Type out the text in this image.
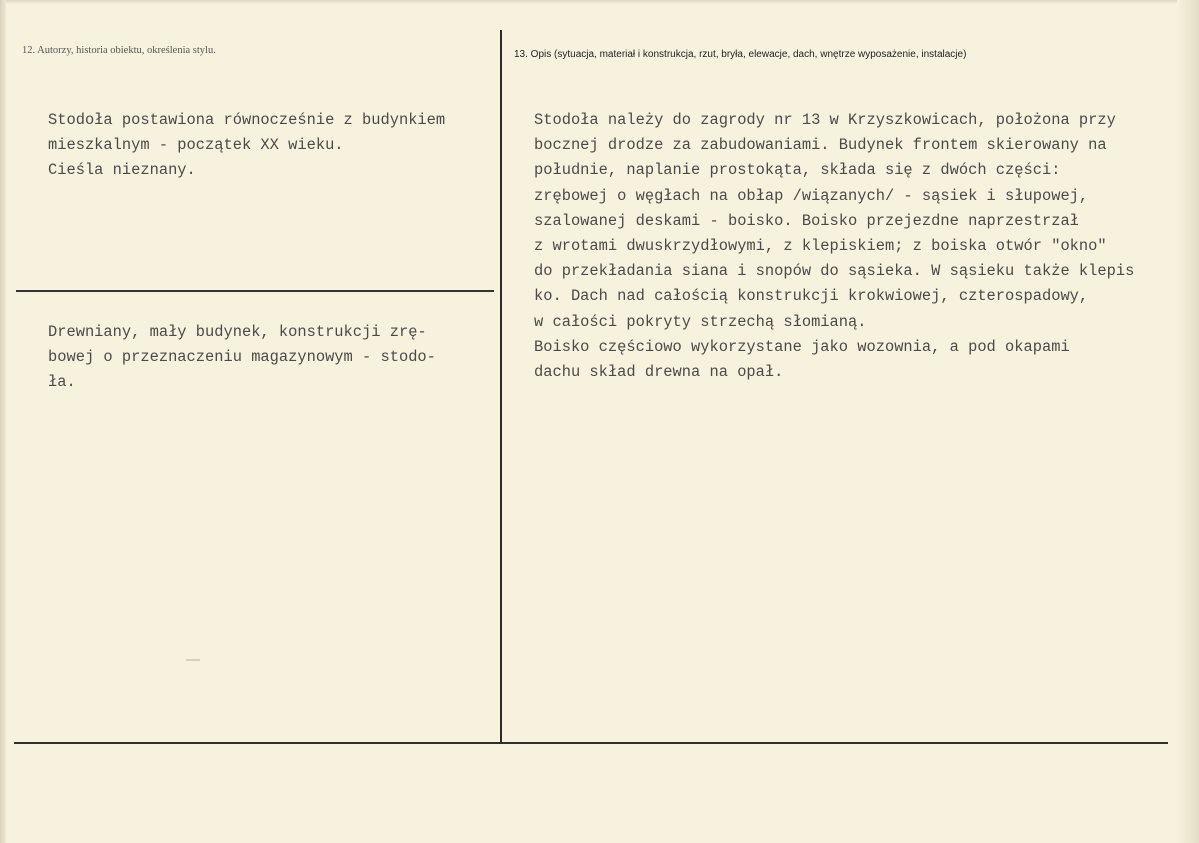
12. Autorzy, historia obiektu, określenia stylu.	13. Opis (sytuacja, materiał i konstrukcja, rzut, bryła, elewacje, dach, wnętrze wyposażenie, instalacje)
Stodoła postawiona równocześnie z budynkiem
mieszkalnym - początek XX wieku.
Cieśla nieznany.
Drewniany, mały budynek, konstrukcji zrę-
bowej o przeznaczeniu magazynowym - stodo-
ła.
Stodoła należy do zagrody nr 13 w Krzyszkowicach, położona przy
bocznej drodze za zabudowaniami. Budynek frontem skierowany na
południe, naplanie prostokąta, składa się z dwóch części:
zrębowej o węgłach na obłap /wiązanych/ - sąsiek i słupowej,
szalowanej deskami - boisko. Boisko przejezdne naprzestrzał
z wrotami dwuskrzydłowymi, z klepiskiem; z boiska otwór "okno"
do przekładania siana i snopów do sąsieka. W sąsieku także klepis
ko. Dach nad całością konstrukcji krokwiowej, czterospadowy,
w całości pokryty strzechą słomianą.
Boisko częściowo wykorzystane jako wozownia, a pod okapami
dachu skład drewna na opał.
